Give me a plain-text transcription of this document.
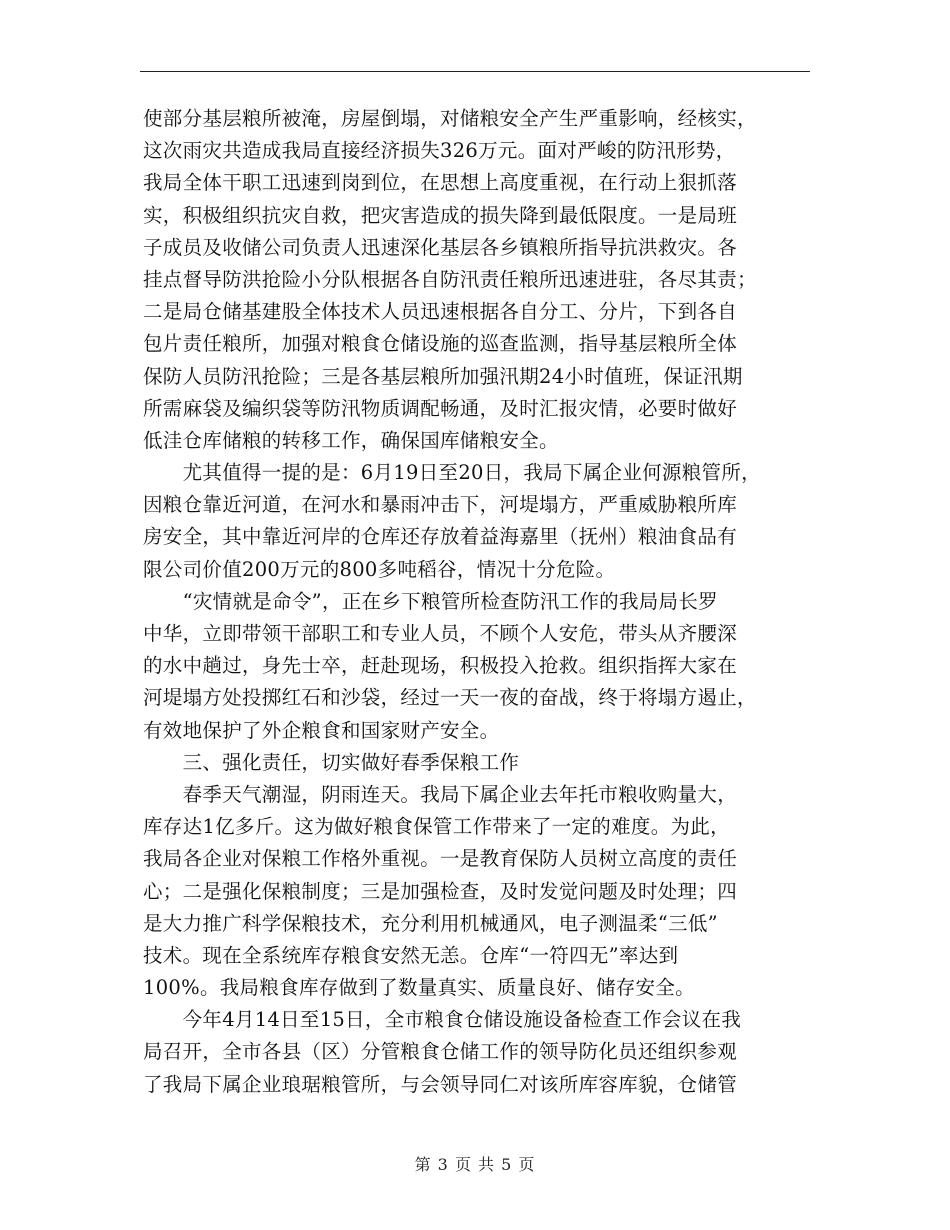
使部分基层粮所被淹，房屋倒塌，对储粮安全产生严重影响，经核实，
这次雨灾共造成我局直接经济损失326万元。面对严峻的防汛形势，
我局全体干职工迅速到岗到位，在思想上高度重视，在行动上狠抓落
实，积极组织抗灾自救，把灾害造成的损失降到最低限度。一是局班
子成员及收储公司负责人迅速深化基层各乡镇粮所指导抗洪救灾。各
挂点督导防洪抢险小分队根据各自防汛责任粮所迅速进驻，各尽其责；
二是局仓储基建股全体技术人员迅速根据各自分工、分片，下到各自
包片责任粮所，加强对粮食仓储设施的巡查监测，指导基层粮所全体
保防人员防汛抢险；三是各基层粮所加强汛期24小时值班，保证汛期
所需麻袋及编织袋等防汛物质调配畅通，及时汇报灾情，必要时做好
低洼仓库储粮的转移工作，确保国库储粮安全。
　　尤其值得一提的是：6月19日至20日，我局下属企业何源粮管所，
因粮仓靠近河道，在河水和暴雨冲击下，河堤塌方，严重威胁粮所库
房安全，其中靠近河岸的仓库还存放着益海嘉里（抚州）粮油食品有
限公司价值200万元的800多吨稻谷，情况十分危险。
　　“灾情就是命令”，正在乡下粮管所检查防汛工作的我局局长罗
中华，立即带领干部职工和专业人员，不顾个人安危，带头从齐腰深
的水中趟过，身先士卒，赶赴现场，积极投入抢救。组织指挥大家在
河堤塌方处投掷红石和沙袋，经过一天一夜的奋战，终于将塌方遏止，
有效地保护了外企粮食和国家财产安全。
　　三、强化责任，切实做好春季保粮工作
　　春季天气潮湿，阴雨连天。我局下属企业去年托市粮收购量大，
库存达1亿多斤。这为做好粮食保管工作带来了一定的难度。为此，
我局各企业对保粮工作格外重视。一是教育保防人员树立高度的责任
心；二是强化保粮制度；三是加强检查，及时发觉问题及时处理；四
是大力推广科学保粮技术，充分利用机械通风，电子测温柔“三低”
技术。现在全系统库存粮食安然无恙。仓库“一符四无”率达到
100%。我局粮食库存做到了数量真实、质量良好、储存安全。
　　今年4月14日至15日，全市粮食仓储设施设备检查工作会议在我
局召开，全市各县（区）分管粮食仓储工作的领导防化员还组织参观
了我局下属企业琅琚粮管所，与会领导同仁对该所库容库貌，仓储管
第 3 页 共 5 页
